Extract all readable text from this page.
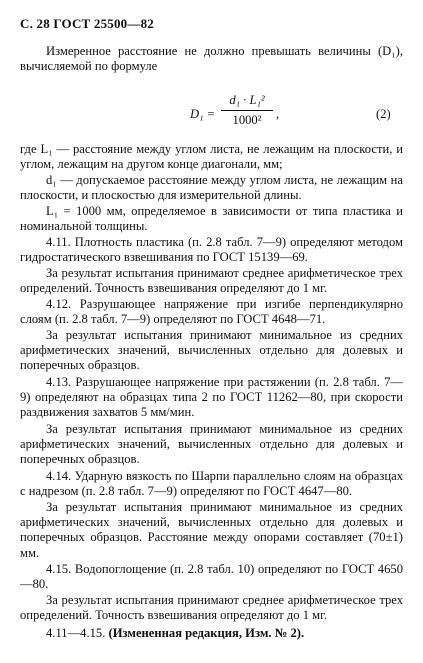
С. 28 ГОСТ 25500—82
Измеренное расстояние не должно превышать величины (D₁), вычисляемой по формуле
D₁ =
d₁ · L₁²
1000²	,	(2)
где L₁ — расстояние между углом листа, не лежащим на плоскости, и углом, лежащим на другом конце диагонали, мм;
d₁ — допускаемое расстояние между углом листа, не лежащим на плоскости, и плоскостью для измерительной длины.
L₁ = 1000 мм, определяемое в зависимости от типа пластика и номинальной толщины.
4.11. Плотность пластика (п. 2.8 табл. 7—9) определяют методом гидростатического взвешивания по ГОСТ 15139—69.
За результат испытания принимают среднее арифметическое трех определений. Точность взвешивания определяют до 1 мг.
4.12. Разрушающее напряжение при изгибе перпендикулярно слоям (п. 2.8 табл. 7—9) определяют по ГОСТ 4648—71.
За результат испытания принимают минимальное из средних арифметических значений, вычисленных отдельно для долевых и поперечных образцов.
4.13. Разрушающее напряжение при растяжении (п. 2.8 табл. 7—9) определяют на образцах типа 2 по ГОСТ 11262—80, при скорости раздвижения захватов 5 мм/мин.
За результат испытания принимают минимальное из средних арифметических значений, вычисленных отдельно для долевых и поперечных образцов.
4.14. Ударную вязкость по Шарпи параллельно слоям на образцах с надрезом (п. 2.8 табл. 7—9) определяют по ГОСТ 4647—80.
За результат испытания принимают минимальное из средних арифметических значений, вычисленных отдельно для долевых и поперечных образцов. Расстояние между опорами составляет (70±1) мм.
4.15. Водопоглощение (п. 2.8 табл. 10) определяют по ГОСТ 4650—80.
За результат испытания принимают среднее арифметическое трех определений. Точность взвешивания определяют до 1 мг.
4.11—4.15. (Измененная редакция, Изм. № 2).
